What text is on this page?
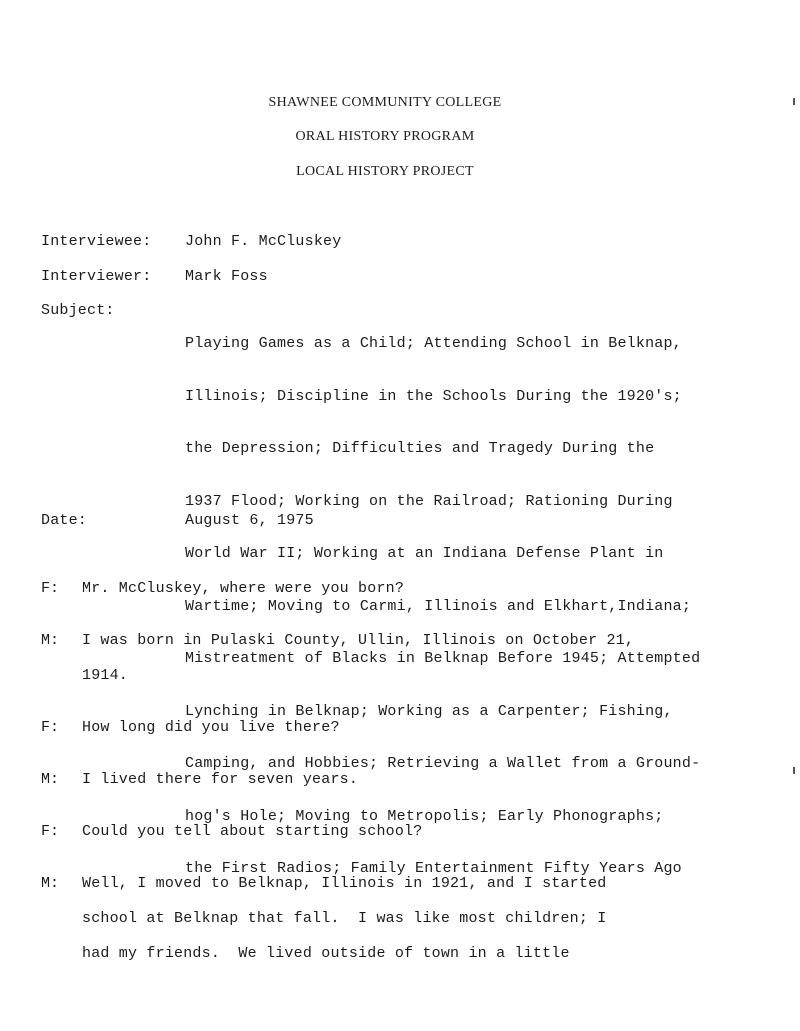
SHAWNEE COMMUNITY COLLEGE
ORAL HISTORY PROGRAM
LOCAL HISTORY PROJECT
Interviewee: John F. McCluskey
Interviewer: Mark Foss
Subject:

Playing Games as a Child; Attending School in Belknap,

Illinois; Discipline in the Schools During the 1920's;

the Depression; Difficulties and Tragedy During the

1937 Flood; Working on the Railroad; Rationing During

World War II; Working at an Indiana Defense Plant in

Wartime; Moving to Carmi, Illinois and Elkhart,Indiana;

Mistreatment of Blacks in Belknap Before 1945; Attempted

Lynching in Belknap; Working as a Carpenter; Fishing,

Camping, and Hobbies; Retrieving a Wallet from a Ground-

hog's Hole; Moving to Metropolis; Early Phonographs;

the First Radios; Family Entertainment Fifty Years Ago

Date:	August 6, 1975
F: Mr. McCluskey, where were you born?
M: I was born in Pulaski County, Ullin, Illinois on October 21,
1914.
F: How long did you live there?
M: I lived there for seven years.
F: Could you tell about starting school?
M: Well, I moved to Belknap, Illinois in 1921, and I started
school at Belknap that fall.  I was like most children; I
had my friends.  We lived outside of town in a little
